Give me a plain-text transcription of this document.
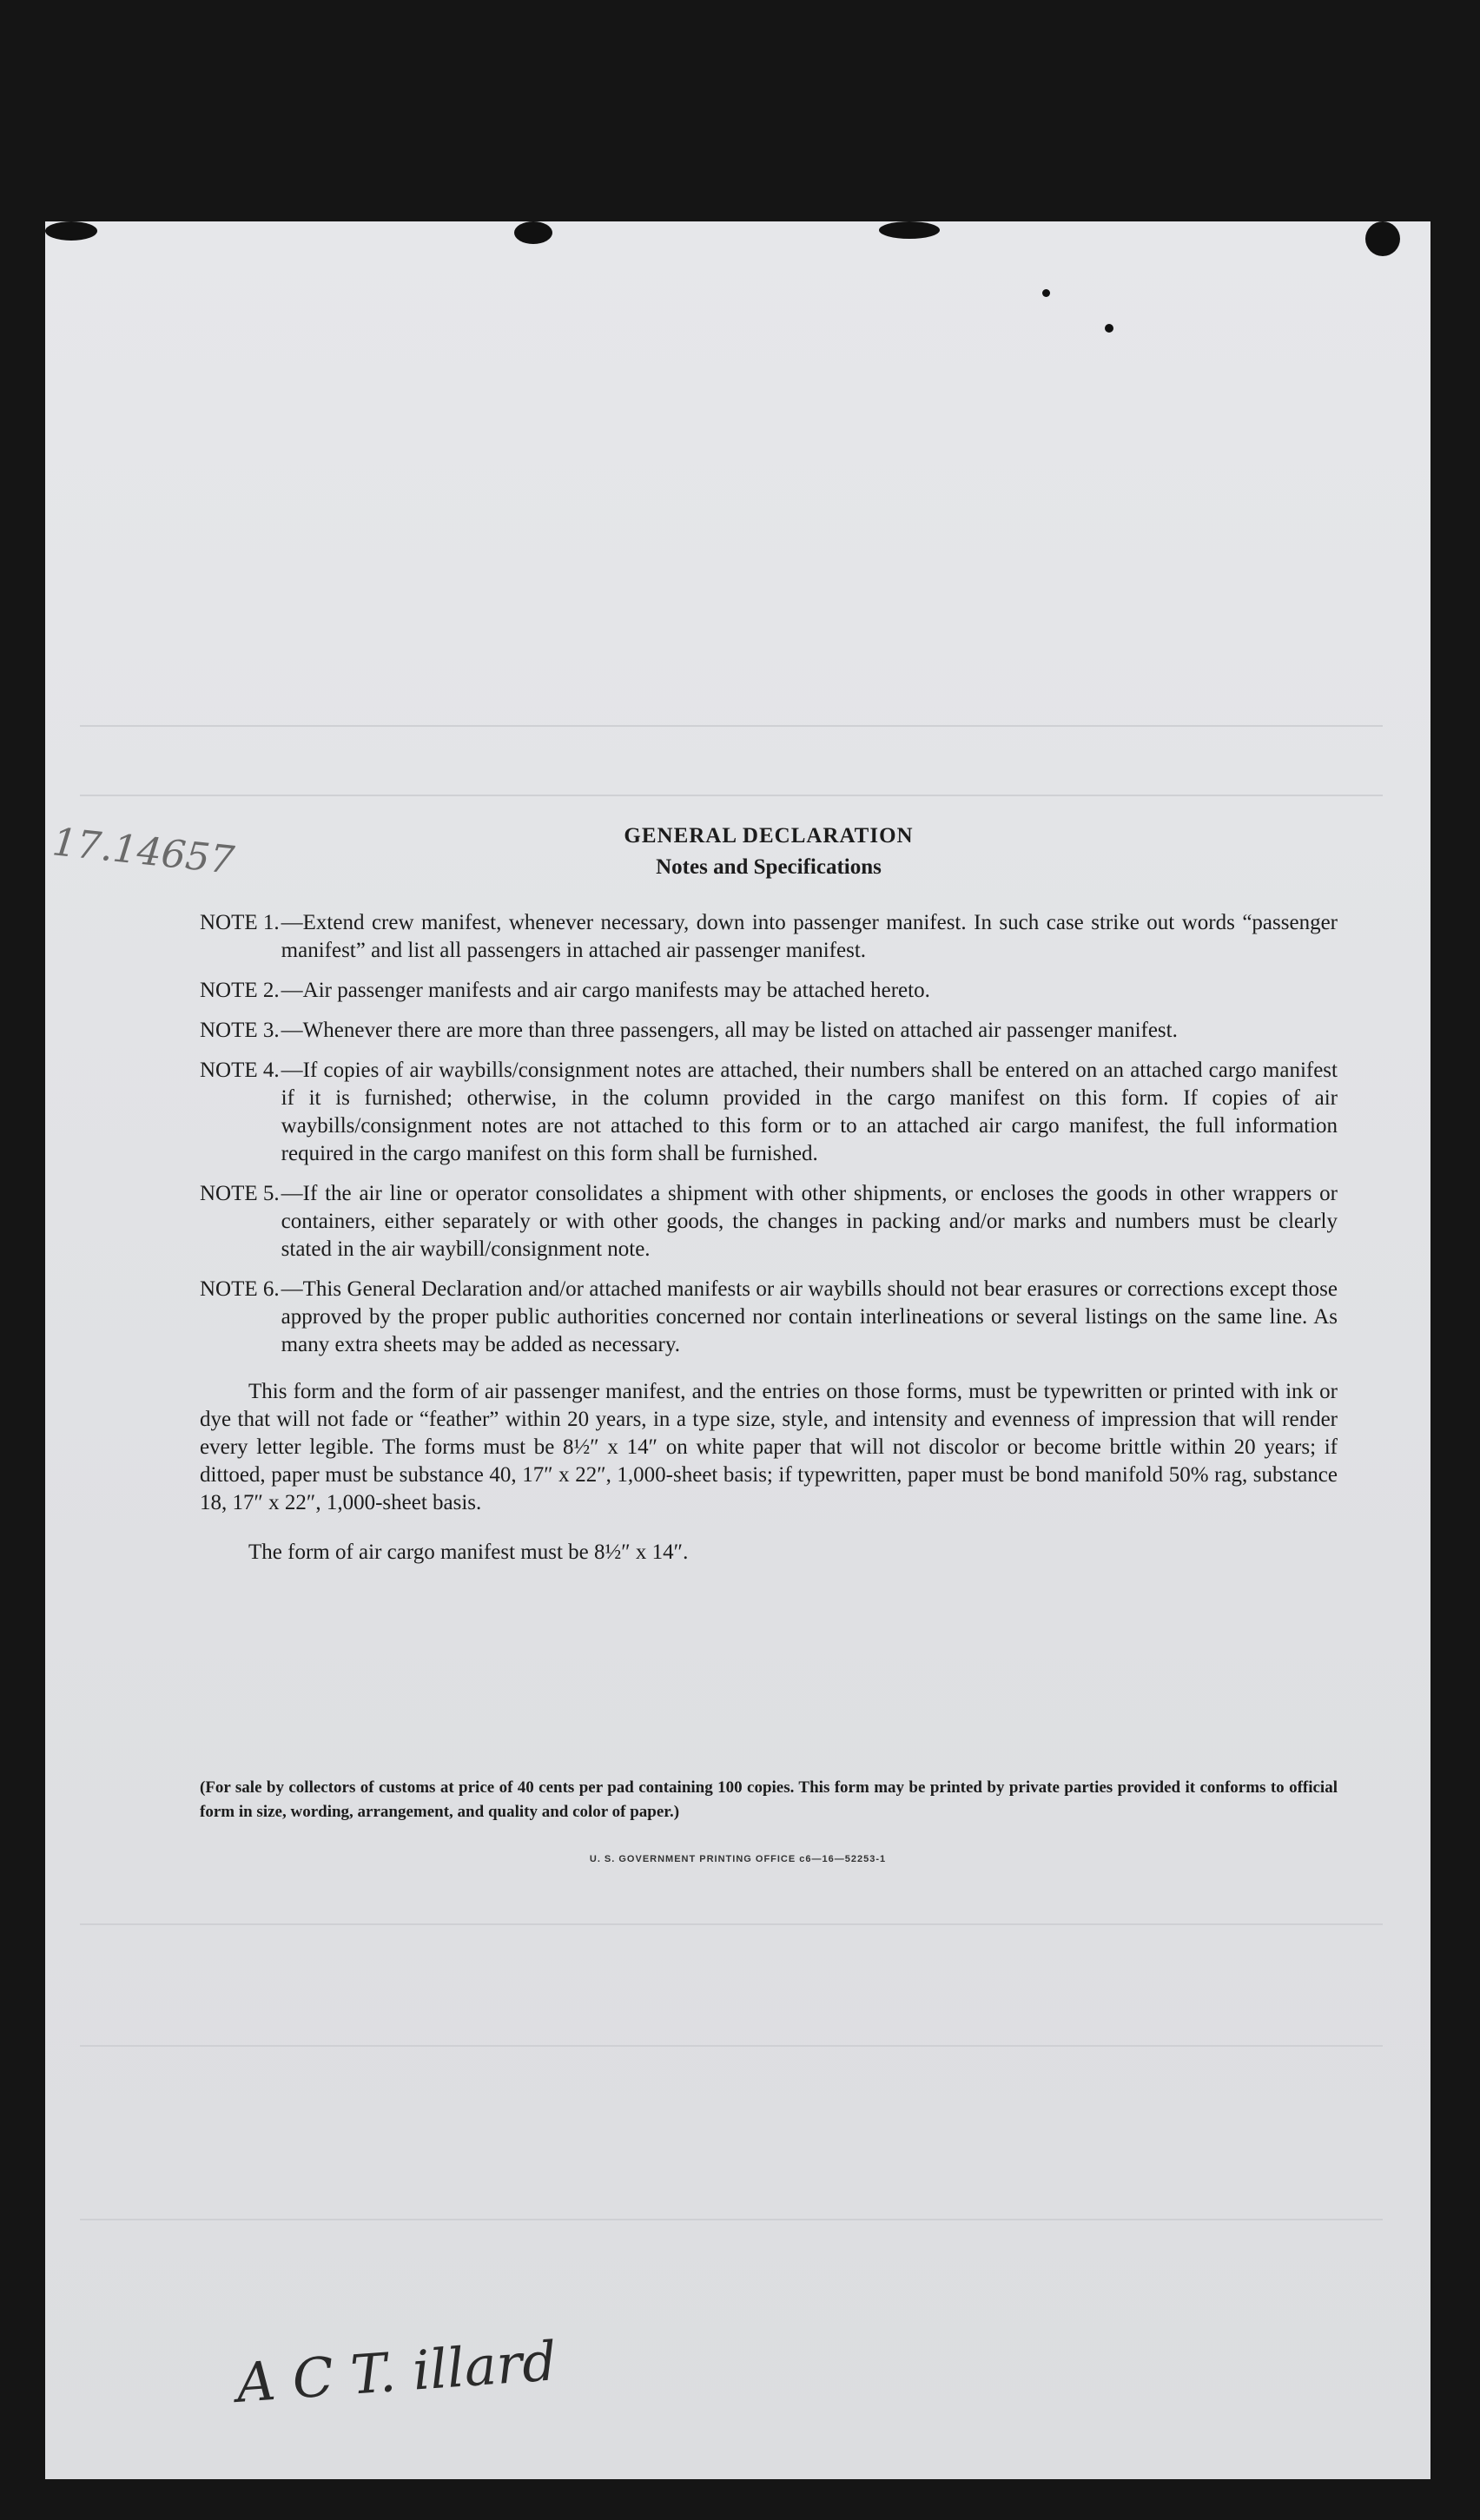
17.14657
A C T. illard
GENERAL DECLARATION
Notes and Specifications
NOTE 1. —Extend crew manifest, whenever necessary, down into passenger manifest. In such case strike out words “passenger manifest” and list all passengers in attached air passenger manifest.
NOTE 2. —Air passenger manifests and air cargo manifests may be attached hereto.
NOTE 3. —Whenever there are more than three passengers, all may be listed on attached air passenger manifest.
NOTE 4. —If copies of air waybills/consignment notes are attached, their numbers shall be entered on an attached cargo manifest if it is furnished; otherwise, in the column provided in the cargo manifest on this form. If copies of air waybills/consignment notes are not attached to this form or to an attached air cargo manifest, the full information required in the cargo manifest on this form shall be furnished.
NOTE 5. —If the air line or operator consolidates a shipment with other shipments, or encloses the goods in other wrappers or containers, either separately or with other goods, the changes in packing and/or marks and numbers must be clearly stated in the air waybill/consignment note.
NOTE 6. —This General Declaration and/or attached manifests or air waybills should not bear erasures or corrections except those approved by the proper public authorities concerned nor contain interlineations or several listings on the same line. As many extra sheets may be added as necessary.

This form and the form of air passenger manifest, and the entries on those forms, must be typewritten or printed with ink or dye that will not fade or “feather” within 20 years, in a type size, style, and intensity and evenness of impression that will render every letter legible. The forms must be 8½″ x 14″ on white paper that will not discolor or become brittle within 20 years; if dittoed, paper must be substance 40, 17″ x 22″, 1,000-sheet basis; if typewritten, paper must be bond manifold 50% rag, substance 18, 17″ x 22″, 1,000-sheet basis.

The form of air cargo manifest must be 8½″ x 14″.

(For sale by collectors of customs at price of 40 cents per pad containing 100 copies. This form may be printed by private parties provided it conforms to official form in size, wording, arrangement, and quality and color of paper.)
U. S. GOVERNMENT PRINTING OFFICE c6—16—52253-1
